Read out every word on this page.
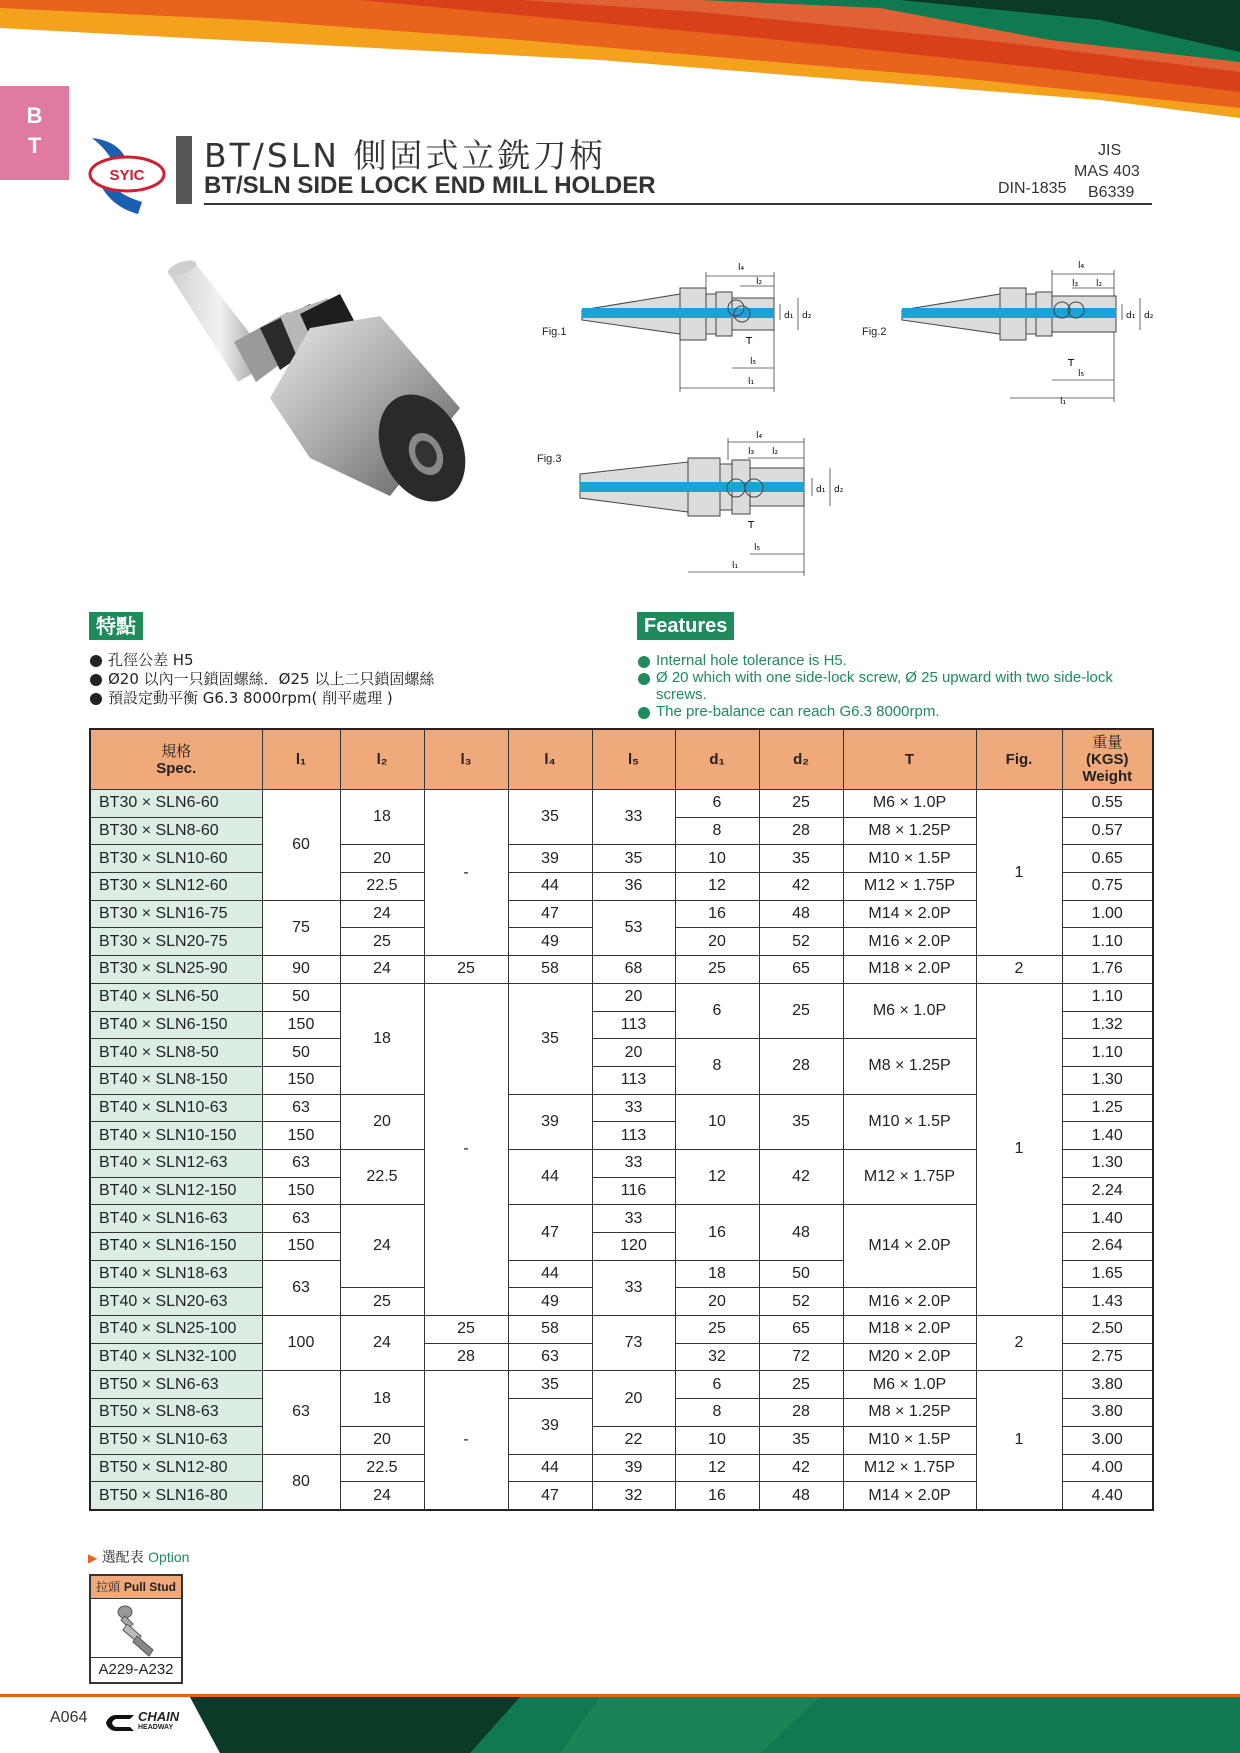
B
T
SYIC
BT/SLN 側固式立銑刀柄
BT/SLN SIDE LOCK END MILL HOLDER	DIN-1835
JIS
MAS 403
B6339
Fig.1
l₄
l₂
l₁
l₅
T
d₁ d₂
Fig.2
l₄
l₃ l₂
l₁
l₅
T
d₁ d₂
Fig.3
l₄
l₃ l₂
l₁
l₅
T
d₁ d₂
特點
孔徑公差 H5
Ø20 以內一只鎖固螺絲．Ø25 以上二只鎖固螺絲
預設定動平衡 G6.3 8000rpm( 削平處理 )
Features
Internal hole tolerance is H5.
Ø 20 which with one side-lock screw, Ø 25 upward with two side-lock screws.
The pre-balance can reach G6.3 8000rpm.
規格
Spec.	l₁	l₂	l₃	l₄	l₅	d₁	d₂	T	Fig.	重量
(KGS)
Weight
BT30 × SLN6-60	60	18	-	35	33	6	25	M6 × 1.0P	1	0.55
BT30 × SLN8-60						8	28	M8 × 1.25P		0.57
BT30 × SLN10-60		20		39	35	10	35	M10 × 1.5P		0.65
BT30 × SLN12-60		22.5		44	36	12	42	M12 × 1.75P		0.75
BT30 × SLN16-75	75	24		47	53	16	48	M14 × 2.0P		1.00
BT30 × SLN20-75		25		49		20	52	M16 × 2.0P		1.10
BT30 × SLN25-90	90	24	25	58	68	25	65	M18 × 2.0P	2	1.76
BT40 × SLN6-50	50	18	-	35	20	6	25	M6 × 1.0P	1	1.10
BT40 × SLN6-150	150				113					1.32
BT40 × SLN8-50	50				20	8	28	M8 × 1.25P		1.10
BT40 × SLN8-150	150				113					1.30
BT40 × SLN10-63	63	20		39	33	10	35	M10 × 1.5P		1.25
BT40 × SLN10-150	150				113					1.40
BT40 × SLN12-63	63	22.5		44	33	12	42	M12 × 1.75P		1.30
BT40 × SLN12-150	150				116					2.24
BT40 × SLN16-63	63	24		47	33	16	48	M14 × 2.0P		1.40
BT40 × SLN16-150	150				120					2.64
BT40 × SLN18-63	63			44	33	18	50			1.65
BT40 × SLN20-63		25		49		20	52	M16 × 2.0P		1.43
BT40 × SLN25-100	100	24	25	58	73	25	65	M18 × 2.0P	2	2.50
BT40 × SLN32-100			28	63		32	72	M20 × 2.0P		2.75
BT50 × SLN6-63	63	18	-	35	20	6	25	M6 × 1.0P	1	3.80
BT50 × SLN8-63				39		8	28	M8 × 1.25P		3.80
BT50 × SLN10-63		20			22	10	35	M10 × 1.5P		3.00
BT50 × SLN12-80	80	22.5		44	39	12	42	M12 × 1.75P		4.00
BT50 × SLN16-80		24		47	32	16	48	M14 × 2.0P		4.40
▶ 選配表 Option
拉頭 Pull Stud
A229-A232
A064	CHAIN
HEADWAY
